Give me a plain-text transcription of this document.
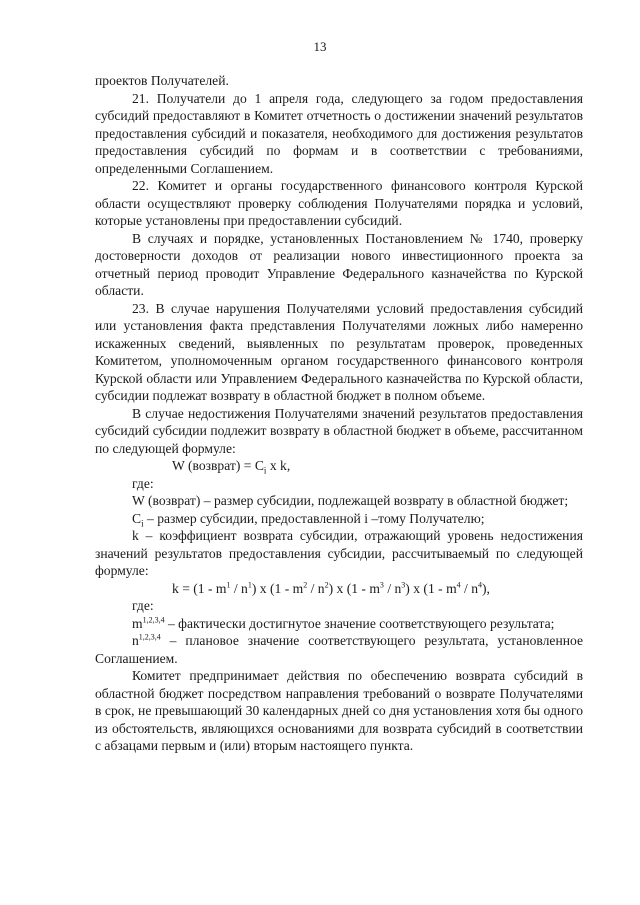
13

проектов Получателей.

21. Получатели до 1 апреля года, следующего за годом предоставления субсидий предоставляют в Комитет отчетность о достижении значений результатов предоставления субсидий и показателя, необходимого для достижения результатов предоставления субсидий по формам и в соответствии с требованиями, определенными Соглашением.

22. Комитет и органы государственного финансового контроля Курской области осуществляют проверку соблюдения Получателями порядка и условий, которые установлены при предоставлении субсидий.

В случаях и порядке, установленных Постановлением № 1740, проверку достоверности доходов от реализации нового инвестиционного проекта за отчетный период проводит Управление Федерального казначейства по Курской области.

23. В случае нарушения Получателями условий предоставления субсидий или установления факта представления Получателями ложных либо намеренно искаженных сведений, выявленных по результатам проверок, проведенных Комитетом, уполномоченным органом государственного финансового контроля Курской области или Управлением Федерального казначейства по Курской области, субсидии подлежат возврату в областной бюджет в полном объеме.

В случае недостижения Получателями значений результатов предоставления субсидий субсидии подлежит возврату в областной бюджет в объеме, рассчитанном по следующей формуле:

W (возврат) = $C_i$ x k,

где:

W (возврат) – размер субсидии, подлежащей возврату в областной бюджет;

$C_i$ – размер субсидии, предоставленной i –тому Получателю;

k – коэффициент возврата субсидии, отражающий уровень недостижения значений результатов предоставления субсидии, рассчитываемый по следующей формуле:

$k = (1 - m^1 / n^1)$ x $(1 - m^2 / n^2)$ x $(1 - m^3 / n^3)$ x $(1 - m^4 / n^4)$,

где:

$m^{1,2,3,4}$ – фактически достигнутое значение соответствующего результата;

$n^{1,2,3,4}$ – плановое значение соответствующего результата, установленное Соглашением.

Комитет предпринимает действия по обеспечению возврата субсидий в областной бюджет посредством направления требований о возврате Получателями в срок, не превышающий 30 календарных дней со дня установления хотя бы одного из обстоятельств, являющихся основаниями для возврата субсидий в соответствии с абзацами первым и (или) вторым настоящего пункта.
